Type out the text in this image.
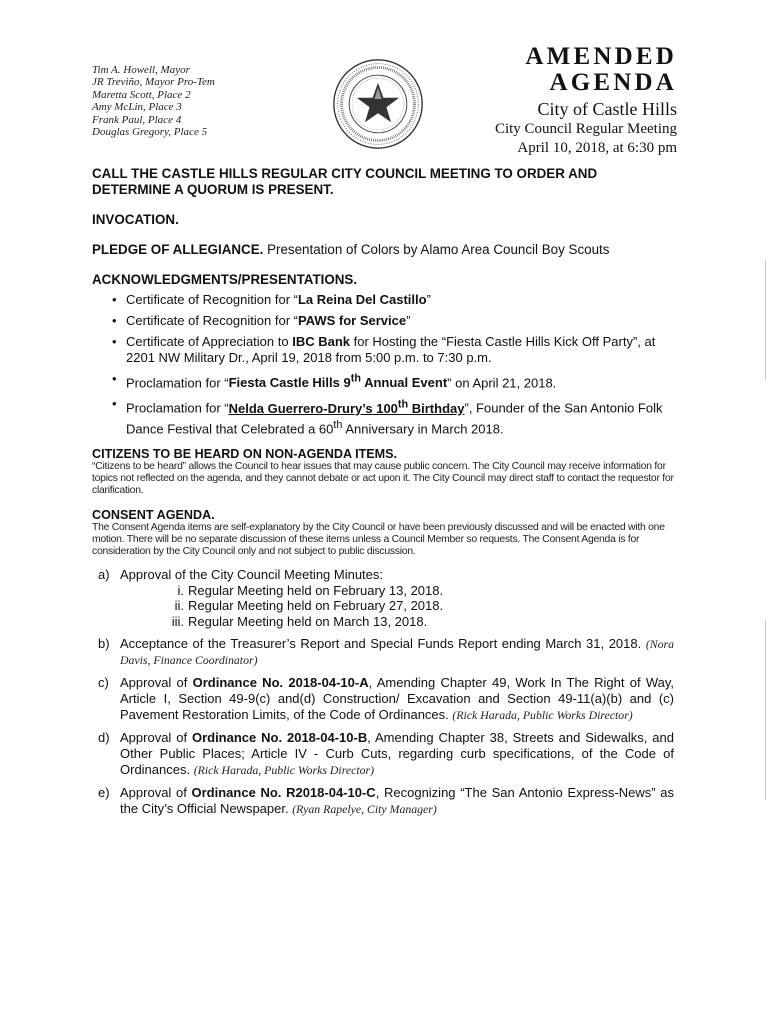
Tim A. Howell, Mayor
JR Treviño, Mayor Pro-Tem
Maretta Scott, Place 2
Amy McLin, Place 3
Frank Paul, Place 4
Douglas Gregory, Place 5
AMENDED
AGENDA
City of Castle Hills
City Council Regular Meeting
April 10, 2018, at 6:30 pm
CALL THE CASTLE HILLS REGULAR CITY COUNCIL MEETING TO ORDER AND DETERMINE A QUORUM IS PRESENT.
INVOCATION.
PLEDGE OF ALLEGIANCE. Presentation of Colors by Alamo Area Council Boy Scouts
ACKNOWLEDGMENTS/PRESENTATIONS.
• Certificate of Recognition for “La Reina Del Castillo”
• Certificate of Recognition for “PAWS for Service”
• Certificate of Appreciation to IBC Bank for Hosting the “Fiesta Castle Hills Kick Off Party”, at 2201 NW Military Dr., April 19, 2018 from 5:00 p.m. to 7:30 p.m.
• Proclamation for “Fiesta Castle Hills 9th Annual Event” on April 21, 2018.
• Proclamation for “Nelda Guerrero-Drury’s 100th Birthday”, Founder of the San Antonio Folk Dance Festival that Celebrated a 60th Anniversary in March 2018.
CITIZENS TO BE HEARD ON NON-AGENDA ITEMS.
“Citizens to be heard” allows the Council to hear issues that may cause public concern. The City Council may receive information for topics not reflected on the agenda, and they cannot debate or act upon it. The City Council may direct staff to contact the requestor for clarification.
CONSENT AGENDA.
The Consent Agenda items are self-explanatory by the City Council or have been previously discussed and will be enacted with one motion. There will be no separate discussion of these items unless a Council Member so requests. The Consent Agenda is for consideration by the City Council only and not subject to public discussion.
a) Approval of the City Council Meeting Minutes:
i. Regular Meeting held on February 13, 2018.
ii. Regular Meeting held on February 27, 2018.
iii. Regular Meeting held on March 13, 2018.
b) Acceptance of the Treasurer’s Report and Special Funds Report ending March 31, 2018. (Nora Davis, Finance Coordinator)
c) Approval of Ordinance No. 2018-04-10-A, Amending Chapter 49, Work In The Right of Way, Article I, Section 49-9(c) and(d) Construction/ Excavation and Section 49-11(a)(b) and (c) Pavement Restoration Limits, of the Code of Ordinances. (Rick Harada, Public Works Director)
d) Approval of Ordinance No. 2018-04-10-B, Amending Chapter 38, Streets and Sidewalks, and Other Public Places; Article IV - Curb Cuts, regarding curb specifications, of the Code of Ordinances. (Rick Harada, Public Works Director)
e) Approval of Ordinance No. R2018-04-10-C, Recognizing “The San Antonio Express-News” as the City’s Official Newspaper. (Ryan Rapelye, City Manager)
